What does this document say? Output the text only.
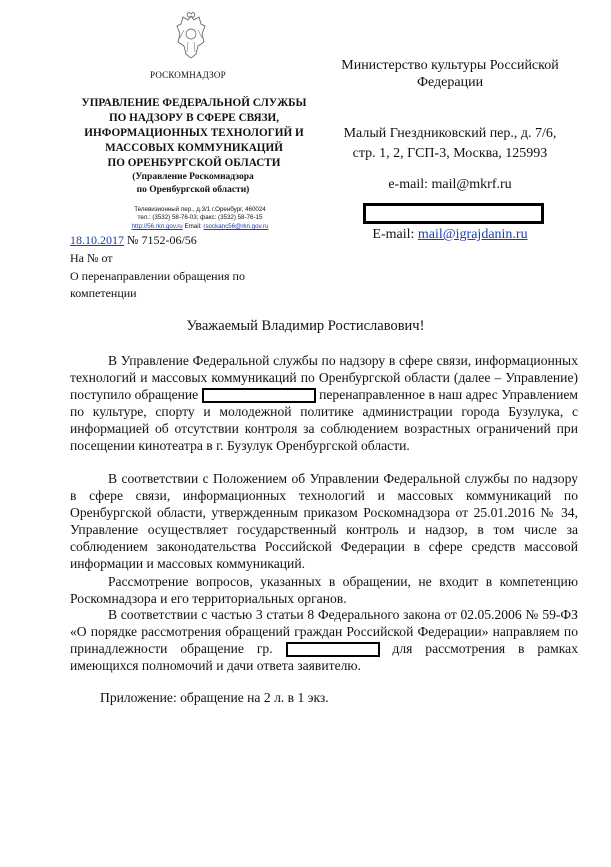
РОСКОМНАДЗОР
УПРАВЛЕНИЕ ФЕДЕРАЛЬНОЙ СЛУЖБЫ
ПО НАДЗОРУ В СФЕРЕ СВЯЗИ,
ИНФОРМАЦИОННЫХ ТЕХНОЛОГИЙ И
МАССОВЫХ КОММУНИКАЦИЙ
ПО ОРЕНБУРГСКОЙ ОБЛАСТИ
(Управление Роскомнадзора
по Оренбургской области)
Телевизионный пер., д.3/1 г.Оренбург, 460024
тел.: (3532) 58-76-03; факс: (3532) 58-76-15
http://56.rkn.gov.ru Email: rsockanc56@rkn.gov.ru
18.10.2017 № 7152-06/56
На № от
О перенаправлении обращения по
компетенции
Министерство культуры Российской
Федерации
Малый Гнездниковский пер., д. 7/6,
стр. 1, 2, ГСП-3, Москва, 125993
e-mail: mail@mkrf.ru
E-mail: mail@igrajdanin.ru
Уважаемый Владимир Ростиславович!

В Управление Федеральной службы по надзору в сфере связи, информационных технологий и массовых коммуникаций по Оренбургской области (далее – Управление) поступило обращение	перенаправленное в наш адрес Управлением по культуре, спорту и молодежной политике администрации города Бузулука, с информацией об отсутствии контроля за соблюдением возрастных ограничений при посещении кинотеатра в г. Бузулук Оренбургской области.

В соответствии с Положением об Управлении Федеральной службы по надзору в сфере связи, информационных технологий и массовых коммуникаций по Оренбургской области, утвержденным приказом Роскомнадзора от 25.01.2016 № 34, Управление осуществляет государственный контроль и надзор, в том числе за соблюдением законодательства Российской Федерации в сфере средств массовой информации и массовых коммуникаций.

Рассмотрение вопросов, указанных в обращении, не входит в компетенцию Роскомнадзора и его территориальных органов.

В соответствии с частью 3 статьи 8 Федерального закона от 02.05.2006 № 59-ФЗ «О порядке рассмотрения обращений граждан Российской Федерации» направляем по принадлежности обращение гр.	для рассмотрения в рамках имеющихся полномочий и дачи ответа заявителю.

Приложение: обращение на 2 л. в 1 экз.
